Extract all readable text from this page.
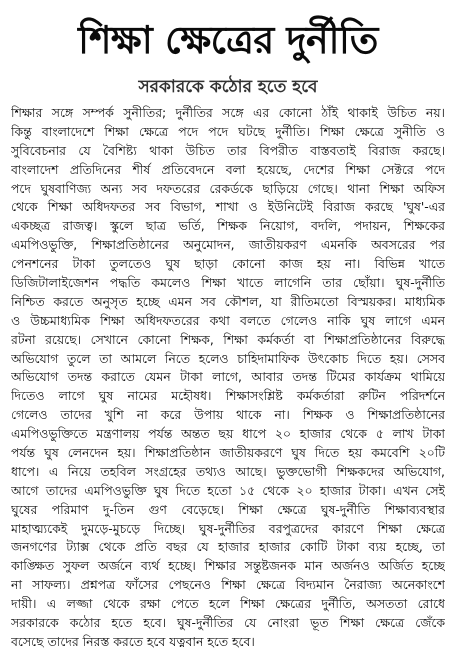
শিক্ষা ক্ষেত্রের দুর্নীতি
সরকারকে কঠোর হতে হবে
শিক্ষার সঙ্গে সম্পর্ক সুনীতির; দুর্নীতির সঙ্গে এর কোনো ঠাঁই থাকাই উচিত নয়।
কিন্তু বাংলাদেশে শিক্ষা ক্ষেত্রে পদে পদে ঘটছে দুর্নীতি। শিক্ষা ক্ষেত্রে সুনীতি ও
সুবিবেচনার যে বৈশিষ্ট্য থাকা উচিত তার বিপরীত বাস্তবতাই বিরাজ করছে।
বাংলাদেশ প্রতিদিনের শীর্ষ প্রতিবেদনে বলা হয়েছে, দেশের শিক্ষা সেক্টরে পদে
পদে ঘুষবাণিজ্য অন্য সব দফতরের রেকর্ডকে ছাড়িয়ে গেছে। থানা শিক্ষা অফিস
থেকে শিক্ষা অধিদফতর সব বিভাগ, শাখা ও ইউনিটেই বিরাজ করছে 'ঘুষ'-এর
একচ্ছত্র রাজত্ব। স্কুলে ছাত্র ভর্তি, শিক্ষক নিয়োগ, বদলি, পদায়ন, শিক্ষকের
এমপিওভুক্তি, শিক্ষাপ্রতিষ্ঠানের অনুমোদন, জাতীয়করণ এমনকি অবসরের পর
পেনশনের টাকা তুলতেও ঘুষ ছাড়া কোনো কাজ হয় না। বিভিন্ন খাতে
ডিজিটালাইজেশন পদ্ধতি কমলেও শিক্ষা খাতে লাগেনি তার ছোঁয়া। ঘুষ-দুর্নীতি
নিশ্চিত করতে অনুসৃত হচ্ছে এমন সব কৌশল, যা রীতিমতো বিস্ময়কর। মাধ্যমিক
ও উচ্চমাধ্যমিক শিক্ষা অধিদফতরের কথা বলতে গেলেও নাকি ঘুষ লাগে এমন
রটনা রয়েছে। সেখানে কোনো শিক্ষক, শিক্ষা কর্মকর্তা বা শিক্ষাপ্রতিষ্ঠানের বিরুদ্ধে
অভিযোগ তুলে তা আমলে নিতে হলেও চাহিদামাফিক উৎকোচ দিতে হয়। সেসব
অভিযোগ তদন্ত করাতে যেমন টাকা লাগে, আবার তদন্ত টিমের কার্যক্রম থামিয়ে
দিতেও লাগে ঘুষ নামের মহৌষধ। শিক্ষাসংশ্লিষ্ট কর্মকর্তারা রুটিন পরিদর্শনে
গেলেও তাদের খুশি না করে উপায় থাকে না। শিক্ষক ও শিক্ষাপ্রতিষ্ঠানের
এমপিওভুক্তিতে মন্ত্রণালয় পর্যন্ত অন্তত ছয় ধাপে ২০ হাজার থেকে ৫ লাখ টাকা
পর্যন্ত ঘুষ লেনদেন হয়। শিক্ষাপ্রতিষ্ঠান জাতীয়করণে ঘুষ দিতে হয় কমবেশি ২০টি
ধাপে। এ নিয়ে তহবিল সংগ্রহের তথ্যও আছে। ভুক্তভোগী শিক্ষকদের অভিযোগ,
আগে তাদের এমপিওভুক্তি ঘুষ দিতে হতো ১৫ থেকে ২০ হাজার টাকা। এখন সেই
ঘুষের পরিমাণ দু-তিন গুণ বেড়েছে। শিক্ষা ক্ষেত্রে ঘুষ-দুর্নীতি শিক্ষাব্যবস্থার
মাহাত্ম্যকেই দুমড়ে-মুচড়ে দিচ্ছে। ঘুষ-দুর্নীতির বরপুত্রদের কারণে শিক্ষা ক্ষেত্রে
জনগণের ট্যাক্স থেকে প্রতি বছর যে হাজার হাজার কোটি টাকা ব্যয় হচ্ছে, তা
কাঙ্ক্ষিত সুফল অর্জনে ব্যর্থ হচ্ছে। শিক্ষার সন্তুষ্টজনক মান অর্জনও অর্জিত হচ্ছে
না সাফল্য। প্রশ্নপত্র ফাঁসের পেছনেও শিক্ষা ক্ষেত্রে বিদ্যমান নৈরাজ্য অনেকাংশে
দায়ী। এ লজ্জা থেকে রক্ষা পেতে হলে শিক্ষা ক্ষেত্রের দুর্নীতি, অসততা রোধে
সরকারকে কঠোর হতে হবে। ঘুষ-দুর্নীতির যে নোংরা ভূত শিক্ষা ক্ষেত্রে জেঁকে
বসেছে তাদের নিরস্ত করতে হবে যত্নবান হতে হবে।
